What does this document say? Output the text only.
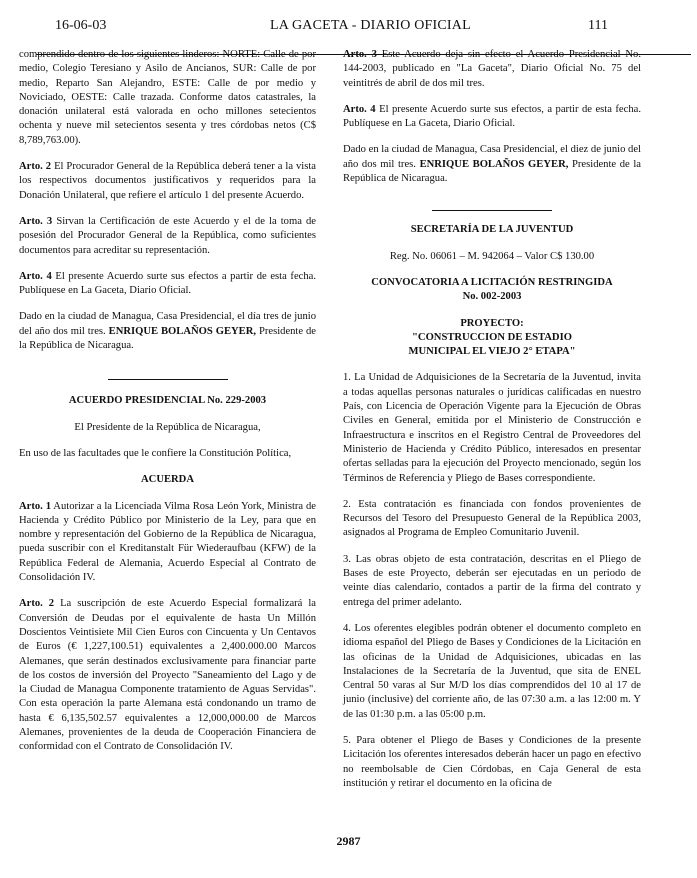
16-06-03	LA GACETA - DIARIO OFICIAL	111

comprendido dentro de los siguientes linderos: NORTE: Calle de por medio, Colegio Teresiano y Asilo de Ancianos, SUR: Calle de por medio, Reparto San Alejandro, ESTE: Calle de por medio y Noviciado, OESTE: Calle trazada. Conforme datos catastrales, la donación unilateral está valorada en ocho millones setecientos ochenta y nueve mil setecientos sesenta y tres córdobas netos (C$ 8,789,763.00).

Arto. 2 El Procurador General de la República deberá tener a la vista los respectivos documentos justificativos y requeridos para la Donación Unilateral, que refiere el artículo 1 del presente Acuerdo.

Arto. 3 Sirvan la Certificación de este Acuerdo y el de la toma de posesión del Procurador General de la República, como suficientes documentos para acreditar su representación.

Arto. 4 El presente Acuerdo surte sus efectos a partir de esta fecha. Publíquese en La Gaceta, Diario Oficial.

Dado en la ciudad de Managua, Casa Presidencial, el día tres de junio del año dos mil tres. ENRIQUE BOLAÑOS GEYER, Presidente de la República de Nicaragua.

ACUERDO PRESIDENCIAL No. 229-2003

El Presidente de la República de Nicaragua,

En uso de las facultades que le confiere la Constitución Política,

ACUERDA

Arto. 1 Autorizar a la Licenciada Vilma Rosa León York, Ministra de Hacienda y Crédito Público por Ministerio de la Ley, para que en nombre y representación del Gobierno de la República de Nicaragua, pueda suscribir con el Kreditanstalt Für Wiederaufbau (KFW) de la República Federal de Alemania, Acuerdo Especial al Contrato de Consolidación IV.

Arto. 2 La suscripción de este Acuerdo Especial formalizará la Conversión de Deudas por el equivalente de hasta Un Millón Doscientos Veintisiete Mil Cien Euros con Cincuenta y Un Centavos de Euros (€ 1,227,100.51) equivalentes a 2,400.000.00 Marcos Alemanes, que serán destinados exclusivamente para financiar parte de los costos de inversión del Proyecto "Saneamiento del Lago y de la Ciudad de Managua Componente tratamiento de Aguas Servidas". Con esta operación la parte Alemana está condonando un tramo de hasta € 6,135,502.57 equivalentes a 12,000,000.00 de Marcos Alemanes, provenientes de la deuda de Cooperación Financiera de conformidad con el Contrato de Consolidación IV.

Arto. 3 Este Acuerdo deja sin efecto el Acuerdo Presidencial No. 144-2003, publicado en "La Gaceta", Diario Oficial No. 75 del veintitrés de abril de dos mil tres.

Arto. 4 El presente Acuerdo surte sus efectos, a partir de esta fecha. Publíquese en La Gaceta, Diario Oficial.

Dado en la ciudad de Managua, Casa Presidencial, el diez de junio del año dos mil tres. ENRIQUE BOLAÑOS GEYER, Presidente de la República de Nicaragua.

SECRETARÍA DE LA JUVENTUD

Reg. No. 06061 – M. 942064 – Valor C$ 130.00

CONVOCATORIA A LICITACIÓN RESTRINGIDA
No. 002-2003

PROYECTO:
"CONSTRUCCION DE ESTADIO
MUNICIPAL EL VIEJO 2° ETAPA"

1. La Unidad de Adquisiciones de la Secretaría de la Juventud, invita a todas aquellas personas naturales o jurídicas calificadas en nuestro País, con Licencia de Operación Vigente para la Ejecución de Obras Civiles en General, emitida por el Ministerio de Construcción e Infraestructura e inscritos en el Registro Central de Proveedores del Ministerio de Hacienda y Crédito Público, interesados en presentar ofertas selladas para la ejecución del Proyecto mencionado, según los Términos de Referencia y Pliego de Bases correspondiente.

2. Esta contratación es financiada con fondos provenientes de Recursos del Tesoro del Presupuesto General de la República 2003, asignados al Programa de Empleo Comunitario Juvenil.

3. Las obras objeto de esta contratación, descritas en el Pliego de Bases de este Proyecto, deberán ser ejecutadas en un periodo de veinte días calendario, contados a partir de la firma del contrato y entrega del primer adelanto.

4. Los oferentes elegibles podrán obtener el documento completo en idioma español del Pliego de Bases y Condiciones de la Licitación en las oficinas de la Unidad de Adquisiciones, ubicadas en las Instalaciones de la Secretaría de la Juventud, que sita de ENEL Central 50 varas al Sur M/D los días comprendidos del 10 al 17 de junio (inclusive) del corriente año, de las 07:30 a.m. a las 12:00 m. Y de las 01:30 p.m. a las 05:00 p.m.

5. Para obtener el Pliego de Bases y Condiciones de la presente Licitación los oferentes interesados deberán hacer un pago en efectivo no reembolsable de Cien Córdobas, en Caja General de esta institución y retirar el documento en la oficina de

2987
